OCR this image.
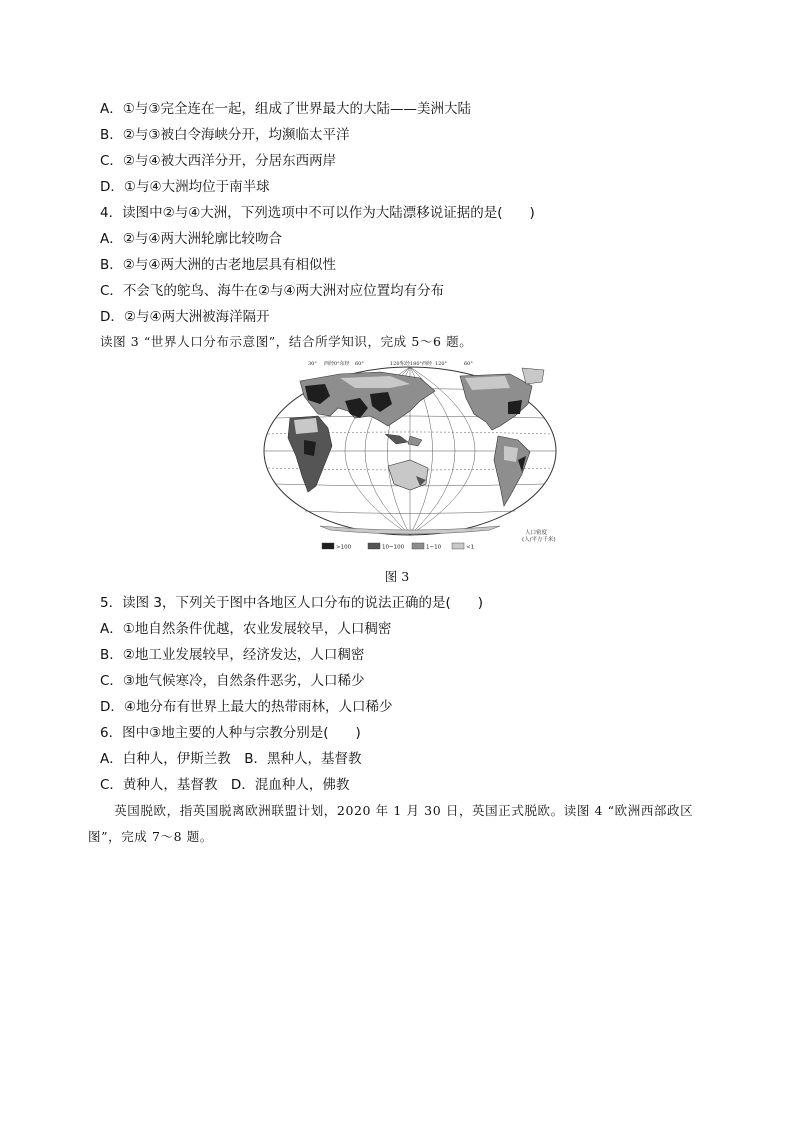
A．①与③完全连在一起，组成了世界最大的大陆——美洲大陆
B．②与③被白令海峡分开，均濒临太平洋
C．②与④被大西洋分开，分居东西两岸
D．①与④大洲均位于南半球
4．读图中②与④大洲，下列选项中不可以作为大陆漂移说证据的是(　　)
A．②与④两大洲轮廓比较吻合
B．②与④两大洲的古老地层具有相似性
C．不会飞的鸵鸟、海牛在②与④两大洲对应位置均有分布
D．②与④两大洲被海洋隔开
读图 3 “世界人口分布示意图”，结合所学知识，完成 5～6 题。
30° 西经0°东经 60°	120°
东经180°西经 120°	60°
人口密度
(人/平方千米)
>100	10~100	1~10	<1
图 3
5．读图 3，下列关于图中各地区人口分布的说法正确的是(　　)
A．①地自然条件优越，农业发展较早，人口稠密
B．②地工业发展较早，经济发达，人口稠密
C．③地气候寒冷，自然条件恶劣，人口稀少
D．④地分布有世界上最大的热带雨林，人口稀少
6．图中③地主要的人种与宗教分别是(　　)
A．白种人，伊斯兰教　B．黑种人，基督教
C．黄种人，基督教　D．混血种人，佛教
　　英国脱欧，指英国脱离欧洲联盟计划，2020 年 1 月 30 日，英国正式脱欧。读图 4 “欧洲西部政区
图”，完成 7～8 题。
